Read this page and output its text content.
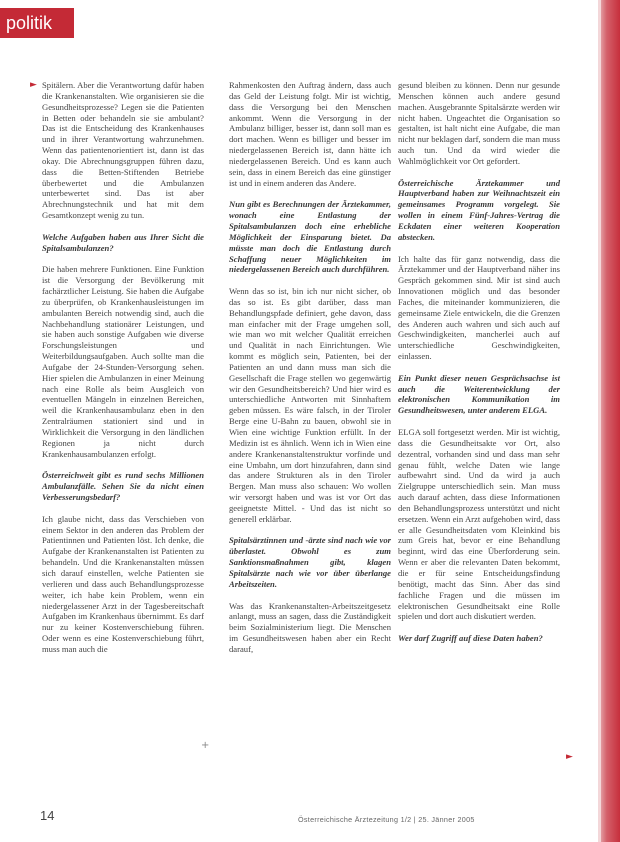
politik
► Spitälern. Aber die Verantwortung dafür haben die Krankenanstalten. Wie organisieren sie die Gesundheitsprozesse? Legen sie die Patienten in Betten oder behandeln sie sie ambulant? Das ist die Entscheidung des Krankenhauses und in ihrer Verantwortung wahrzunehmen. Wenn das patientenorientiert ist, dann ist das okay. Die Abrechnungsgruppen führen dazu, dass die Betten-Stiftenden Betriebe überbewertet und die Ambulanzen unterbewertet sind. Das ist aber Abrechnungstechnik und hat mit dem Gesamtkonzept wenig zu tun.

Welche Aufgaben haben aus Ihrer Sicht die Spitalsambulanzen?

Die haben mehrere Funktionen. Eine Funktion ist die Versorgung der Bevölkerung mit fachärztlicher Leistung. Sie haben die Aufgabe zu überprüfen, ob Krankenhausleistungen im ambulanten Bereich notwendig sind, auch die Nachbehandlung stationärer Leistungen, und sie haben auch sonstige Aufgaben wie diverse Forschungsleistungen und Weiterbildungsaufgaben. Auch sollte man die Aufgabe der 24-Stunden-Versorgung sehen. Hier spielen die Ambulanzen in einer Meinung nach eine Rolle als beim Ausgleich von eventuellen Mängeln in einzelnen Bereichen, weil die Krankenhausambulanz eben in den Zentralräumen stationiert sind und in Wirklichkeit die Versorgung in den ländlichen Regionen ja nicht durch Krankenhausambulanzen erfolgt.

Österreichweit gibt es rund sechs Millionen Ambulanzfälle. Sehen Sie da nicht einen Verbesserungsbedarf?

Ich glaube nicht, dass das Verschieben von einem Sektor in den anderen das Problem der Patientinnen und Patienten löst. Ich denke, die Aufgabe der Krankenanstalten ist Patienten zu behandeln. Und die Krankenanstalten müssen sich darauf einstellen, welche Patienten sie verlieren und dass auch Behandlungsprozesse weiter, ich habe kein Problem, wenn ein niedergelassener Arzt in der Tagesbereitschaft Aufgaben im Krankenhaus übernimmt. Es darf nur zu keiner Kostenverschiebung führen. Oder wenn es eine Kostenverschiebung führt, muss man auch die

Rahmenkosten den Auftrag ändern, dass auch das Geld der Leistung folgt. Mir ist wichtig, dass die Versorgung bei den Menschen ankommt. Wenn die Versorgung in der Ambulanz billiger, besser ist, dann soll man es dort machen. Wenn es billiger und besser im niedergelassenen Bereich ist, dann hätte ich niedergelassenen Bereich. Und es kann auch sein, dass in einem Bereich das eine günstiger ist und in einem anderen das Andere.

Nun gibt es Berechnungen der Ärztekammer, wonach eine Entlastung der Spitalsambulanzen doch eine erhebliche Möglichkeit der Einsparung bietet. Da müsste man doch die Entlastung durch Schaffung neuer Möglichkeiten im niedergelassenen Bereich auch durchführen.

Wenn das so ist, bin ich nur nicht sicher, ob das so ist. Es gibt darüber, dass man Behandlungspfade definiert, gehe davon, dass man einfacher mit der Frage umgehen soll, wie man wo mit welcher Qualität erreichen und Qualität in nach Einrichtungen. Wie kommt es möglich sein, Patienten, bei der Patienten an und dann muss man sich die Gesellschaft die Frage stellen wo gegenwärtig wir den Gesundheitsbereich? Und hier wird es unterschiedliche Antworten mit Sinnhaftem geben müssen. Es wäre falsch, in der Tiroler Berge eine U-Bahn zu bauen, obwohl sie in Wien eine wichtige Funktion erfüllt. In der Medizin ist es ähnlich. Wenn ich in Wien eine andere Krankenanstaltenstruktur vorfinde und eine Umbahn, um dort hinzufahren, dann sind das andere Strukturen als in den Tiroler Bergen. Man muss also schauen: Wo wollen wir versorgt haben und was ist vor Ort das geeignetste Mittel. - Und das ist nicht so generell erklärbar.

Spitalsärztinnen und -ärzte sind nach wie vor überlastet. Obwohl es zum Sanktionsmaßnahmen gibt, klagen Spitalsärzte nach wie vor über überlange Arbeitszeiten.

Was das Krankenanstalten-Arbeitszeitgesetz anlangt, muss an sagen, dass die Zuständigkeit beim Sozialministerium liegt. Die Menschen im Gesundheitswesen haben aber ein Recht darauf,

gesund bleiben zu können. Denn nur gesunde Menschen können auch andere gesund machen. Ausgebrannte Spitalsärzte werden wir nicht haben. Ungeachtet die Organisation so gestalten, ist halt nicht eine Aufgabe, die man nicht nur beklagen darf, sondern die man muss auch tun. Und da wird wieder die Wahlmöglichkeit vor Ort gefordert.

Österreichische Ärztekammer und Hauptverband haben zur Weihnachtszeit ein gemeinsames Programm vorgelegt. Sie wollen in einem Fünf-Jahres-Vertrag die Eckdaten einer weiteren Kooperation abstecken.

Ich halte das für ganz notwendig, dass die Ärztekammer und der Hauptverband näher ins Gespräch gekommen sind. Mir ist sind auch Innovationen möglich und das besonder Faches, die miteinander kommunizieren, die gemeinsame Ziele entwickeln, die die Grenzen des Anderen auch wahren und sich auch auf Geschwindigkeiten, mancherlei auch auf unterschiedliche Geschwindigkeiten, einlassen.

Ein Punkt dieser neuen Gesprächsachse ist auch die Weiterentwicklung der elektronischen Kommunikation im Gesundheitswesen, unter anderem ELGA.

ELGA soll fortgesetzt werden. Mir ist wichtig, dass die Gesundheitsakte vor Ort, also dezentral, vorhanden sind und dass man sehr genau fühlt, welche Daten wie lange aufbewahrt sind. Und da wird ja auch Zielgruppe unterschiedlich sein. Man muss auch darauf achten, dass diese Informationen den Behandlungsprozess unterstützt und nicht ersetzen. Wenn ein Arzt aufgehoben wird, dass er alle Gesundheitsdaten vom Kleinkind bis zum Greis hat, bevor er eine Behandlung beginnt, wird das eine Überforderung sein. Wenn er aber die relevanten Daten bekommt, die er für seine Entscheidungsfindung benötigt, macht das Sinn. Aber das sind fachliche Fragen und die müssen im elektronischen Gesundheitsakt eine Rolle spielen und dort auch diskutiert werden.

Wer darf Zugriff auf diese Daten haben?

+
►
14	Österreichische Ärztezeitung 1/2 | 25. Jänner 2005
